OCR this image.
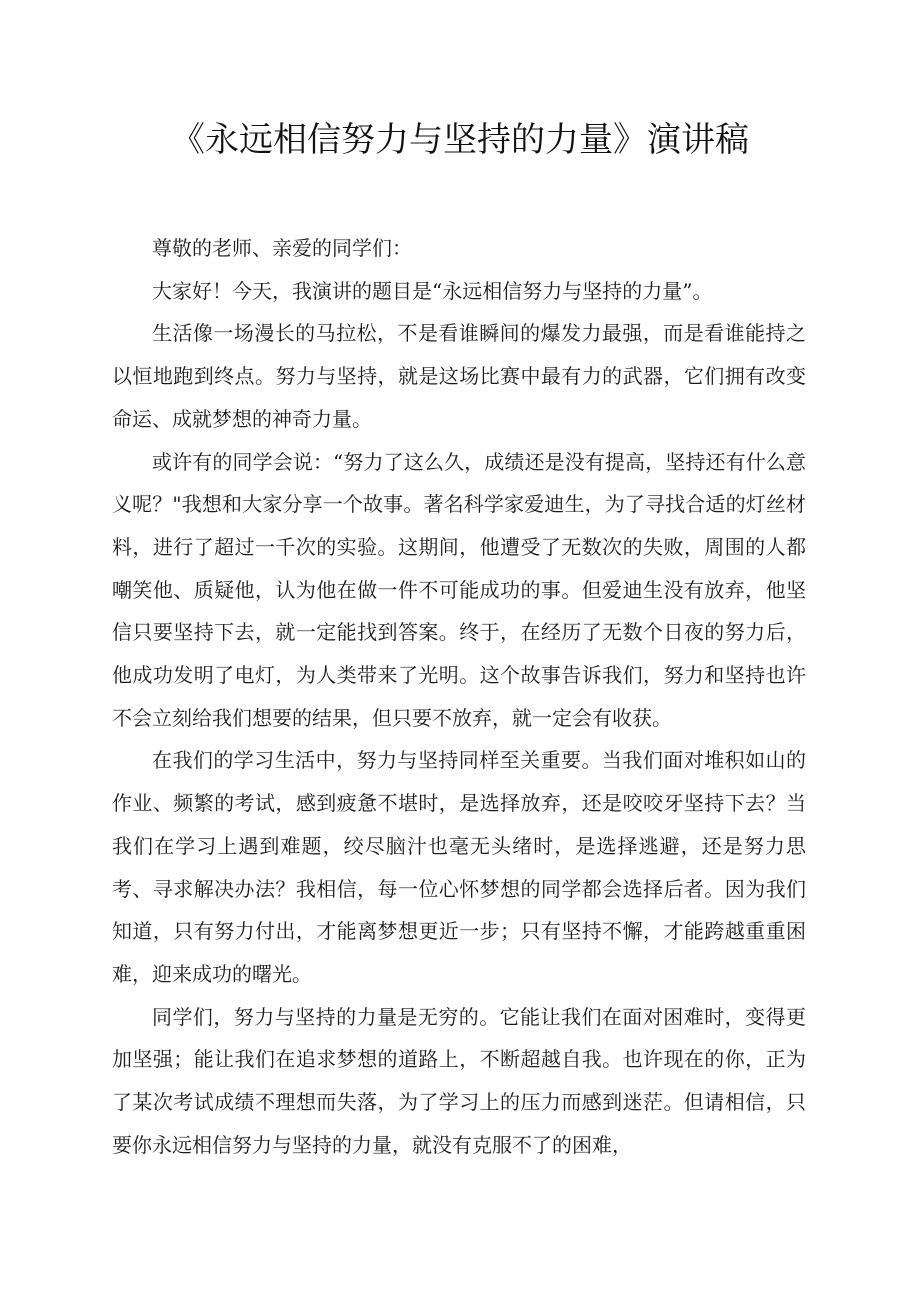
《永远相信努力与坚持的力量》演讲稿

尊敬的老师、亲爱的同学们：

大家好！今天，我演讲的题目是“永远相信努力与坚持的力量”。

生活像一场漫长的马拉松，不是看谁瞬间的爆发力最强，而是看谁能持之以恒地跑到终点。努力与坚持，就是这场比赛中最有力的武器，它们拥有改变命运、成就梦想的神奇力量。

或许有的同学会说：“努力了这么久，成绩还是没有提高，坚持还有什么意义呢？"我想和大家分享一个故事。著名科学家爱迪生，为了寻找合适的灯丝材料，进行了超过一千次的实验。这期间，他遭受了无数次的失败，周围的人都嘲笑他、质疑他，认为他在做一件不可能成功的事。但爱迪生没有放弃，他坚信只要坚持下去，就一定能找到答案。终于，在经历了无数个日夜的努力后，他成功发明了电灯，为人类带来了光明。这个故事告诉我们，努力和坚持也许不会立刻给我们想要的结果，但只要不放弃，就一定会有收获。

在我们的学习生活中，努力与坚持同样至关重要。当我们面对堆积如山的作业、频繁的考试，感到疲惫不堪时，是选择放弃，还是咬咬牙坚持下去？当我们在学习上遇到难题，绞尽脑汁也毫无头绪时，是选择逃避，还是努力思考、寻求解决办法？我相信，每一位心怀梦想的同学都会选择后者。因为我们知道，只有努力付出，才能离梦想更近一步；只有坚持不懈，才能跨越重重困难，迎来成功的曙光。

同学们，努力与坚持的力量是无穷的。它能让我们在面对困难时，变得更加坚强；能让我们在追求梦想的道路上，不断超越自我。也许现在的你，正为了某次考试成绩不理想而失落，为了学习上的压力而感到迷茫。但请相信，只要你永远相信努力与坚持的力量，就没有克服不了的困难，
